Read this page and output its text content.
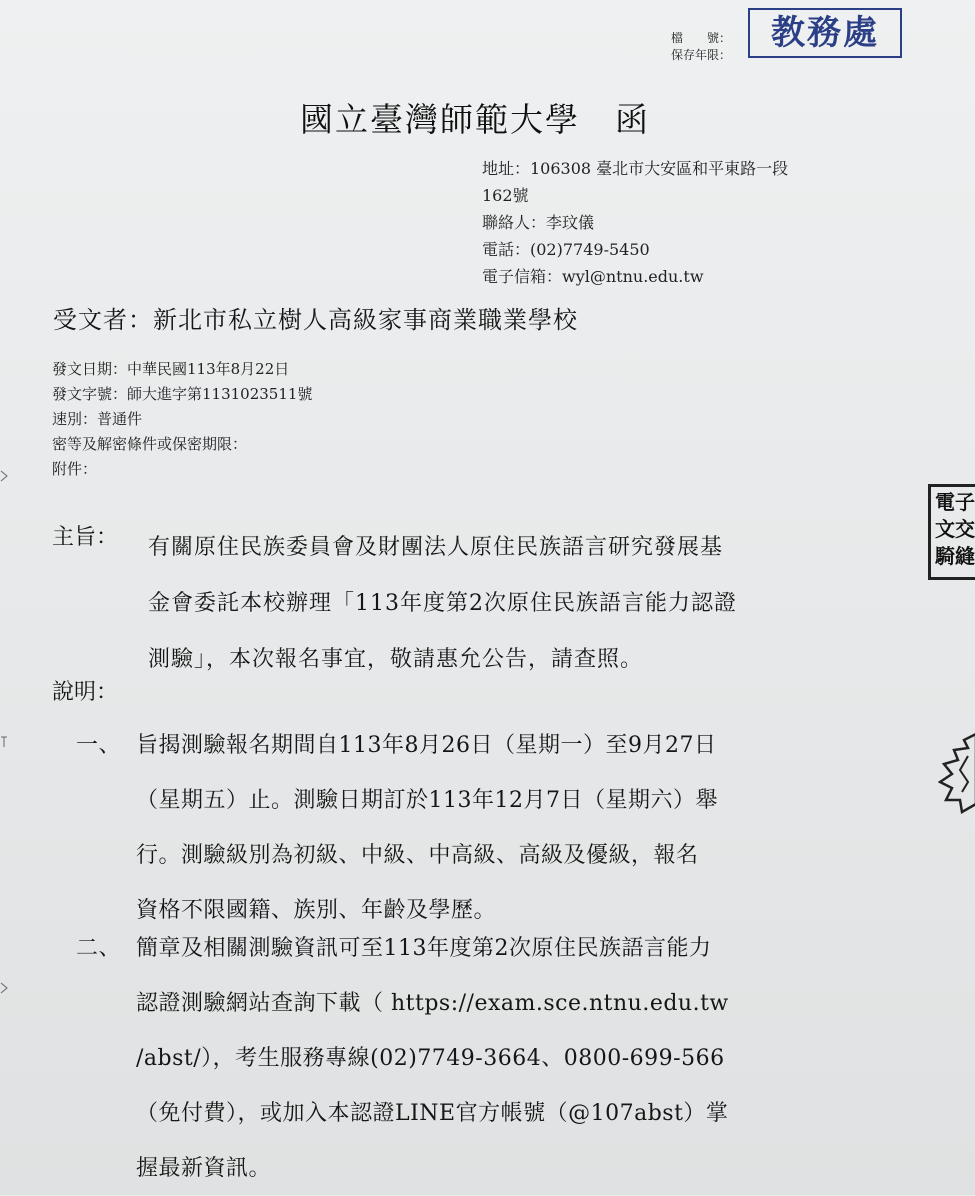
檔　　號：
保存年限：
教務處
國立臺灣師範大學　函
地址：106308 臺北市大安區和平東路一段
162號
聯絡人：李玟儀
電話：(02)7749-5450
電子信箱：wyl@ntnu.edu.tw
受文者：新北市私立樹人高級家事商業職業學校
發文日期：中華民國113年8月22日
發文字號：師大進字第1131023511號
速別：普通件
密等及解密條件或保密期限：
附件：
主旨： 有關原住民族委員會及財團法人原住民族語言研究發展基
金會委託本校辦理「113年度第2次原住民族語言能力認證
測驗」，本次報名事宜，敬請惠允公告，請查照。
說明：
一、 旨揭測驗報名期間自113年8月26日（星期一）至9月27日
（星期五）止。測驗日期訂於113年12月7日（星期六）舉
行。測驗級別為初級、中級、中高級、高級及優級，報名
資格不限國籍、族別、年齡及學歷。
二、 簡章及相關測驗資訊可至113年度第2次原住民族語言能力
認證測驗網站查詢下載（ https://exam.sce.ntnu.edu.tw
/abst/），考生服務專線(02)7749-3664、0800-699-566
（免付費），或加入本認證LINE官方帳號（@107abst）掌
握最新資訊。
電子
文交
騎縫
